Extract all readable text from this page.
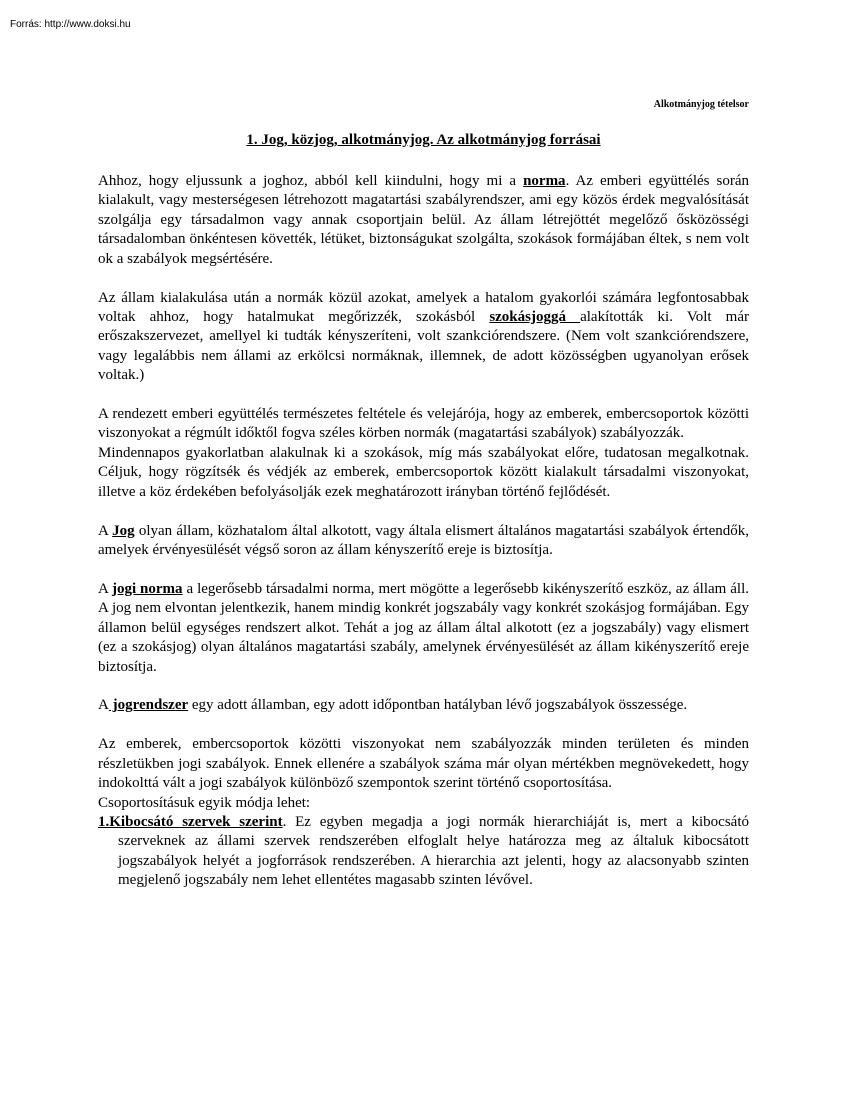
Forrás: http://www.doksi.hu
Alkotmányjog tételsor
1. Jog, közjog, alkotmányjog. Az alkotmányjog forrásai

Ahhoz, hogy eljussunk a joghoz, abból kell kiindulni, hogy mi a norma. Az emberi együttélés során kialakult, vagy mesterségesen létrehozott magatartási szabályrendszer, ami egy közös érdek megvalósítását szolgálja egy társadalmon vagy annak csoportjain belül. Az állam létrejöttét megelőző ősközösségi társadalomban önkéntesen követték, létüket, biztonságukat szolgálta, szokások formájában éltek, s nem volt ok a szabályok megsértésére.

Az állam kialakulása után a normák közül azokat, amelyek a hatalom gyakorlói számára legfontosabbak voltak ahhoz, hogy hatalmukat megőrizzék, szokásból szokásjoggá alakították ki. Volt már erőszakszervezet, amellyel ki tudták kényszeríteni, volt szankciórendszere. (Nem volt szankciórendszere, vagy legalábbis nem állami az erkölcsi normáknak, illemnek, de adott közösségben ugyanolyan erősek voltak.)

A rendezett emberi együttélés természetes feltétele és velejárója, hogy az emberek, embercsoportok közötti viszonyokat a régmúlt időktől fogva széles körben normák (magatartási szabályok) szabályozzák.

Mindennapos gyakorlatban alakulnak ki a szokások, míg más szabályokat előre, tudatosan megalkotnak. Céljuk, hogy rögzítsék és védjék az emberek, embercsoportok között kialakult társadalmi viszonyokat, illetve a köz érdekében befolyásolják ezek meghatározott irányban történő fejlődését.

A Jog olyan állam, közhatalom által alkotott, vagy általa elismert általános magatartási szabályok értendők, amelyek érvényesülését végső soron az állam kényszerítő ereje is biztosítja.

A jogi norma a legerősebb társadalmi norma, mert mögötte a legerősebb kikényszerítő eszköz, az állam áll. A jog nem elvontan jelentkezik, hanem mindig konkrét jogszabály vagy konkrét szokásjog formájában. Egy államon belül egységes rendszert alkot. Tehát a jog az állam által alkotott (ez a jogszabály) vagy elismert (ez a szokásjog) olyan általános magatartási szabály, amelynek érvényesülését az állam kikényszerítő ereje biztosítja.

A jogrendszer egy adott államban, egy adott időpontban hatályban lévő jogszabályok összessége.

Az emberek, embercsoportok közötti viszonyokat nem szabályozzák minden területen és minden részletükben jogi szabályok. Ennek ellenére a szabályok száma már olyan mértékben megnövekedett, hogy indokolttá vált a jogi szabályok különböző szempontok szerint történő csoportosítása.

Csoportosításuk egyik módja lehet:

1.Kibocsátó szervek szerint. Ez egyben megadja a jogi normák hierarchiáját is, mert a kibocsátó szerveknek az állami szervek rendszerében elfoglalt helye határozza meg az általuk kibocsátott jogszabályok helyét a jogforrások rendszerében. A hierarchia azt jelenti, hogy az alacsonyabb szinten megjelenő jogszabály nem lehet ellentétes magasabb szinten lévővel.
